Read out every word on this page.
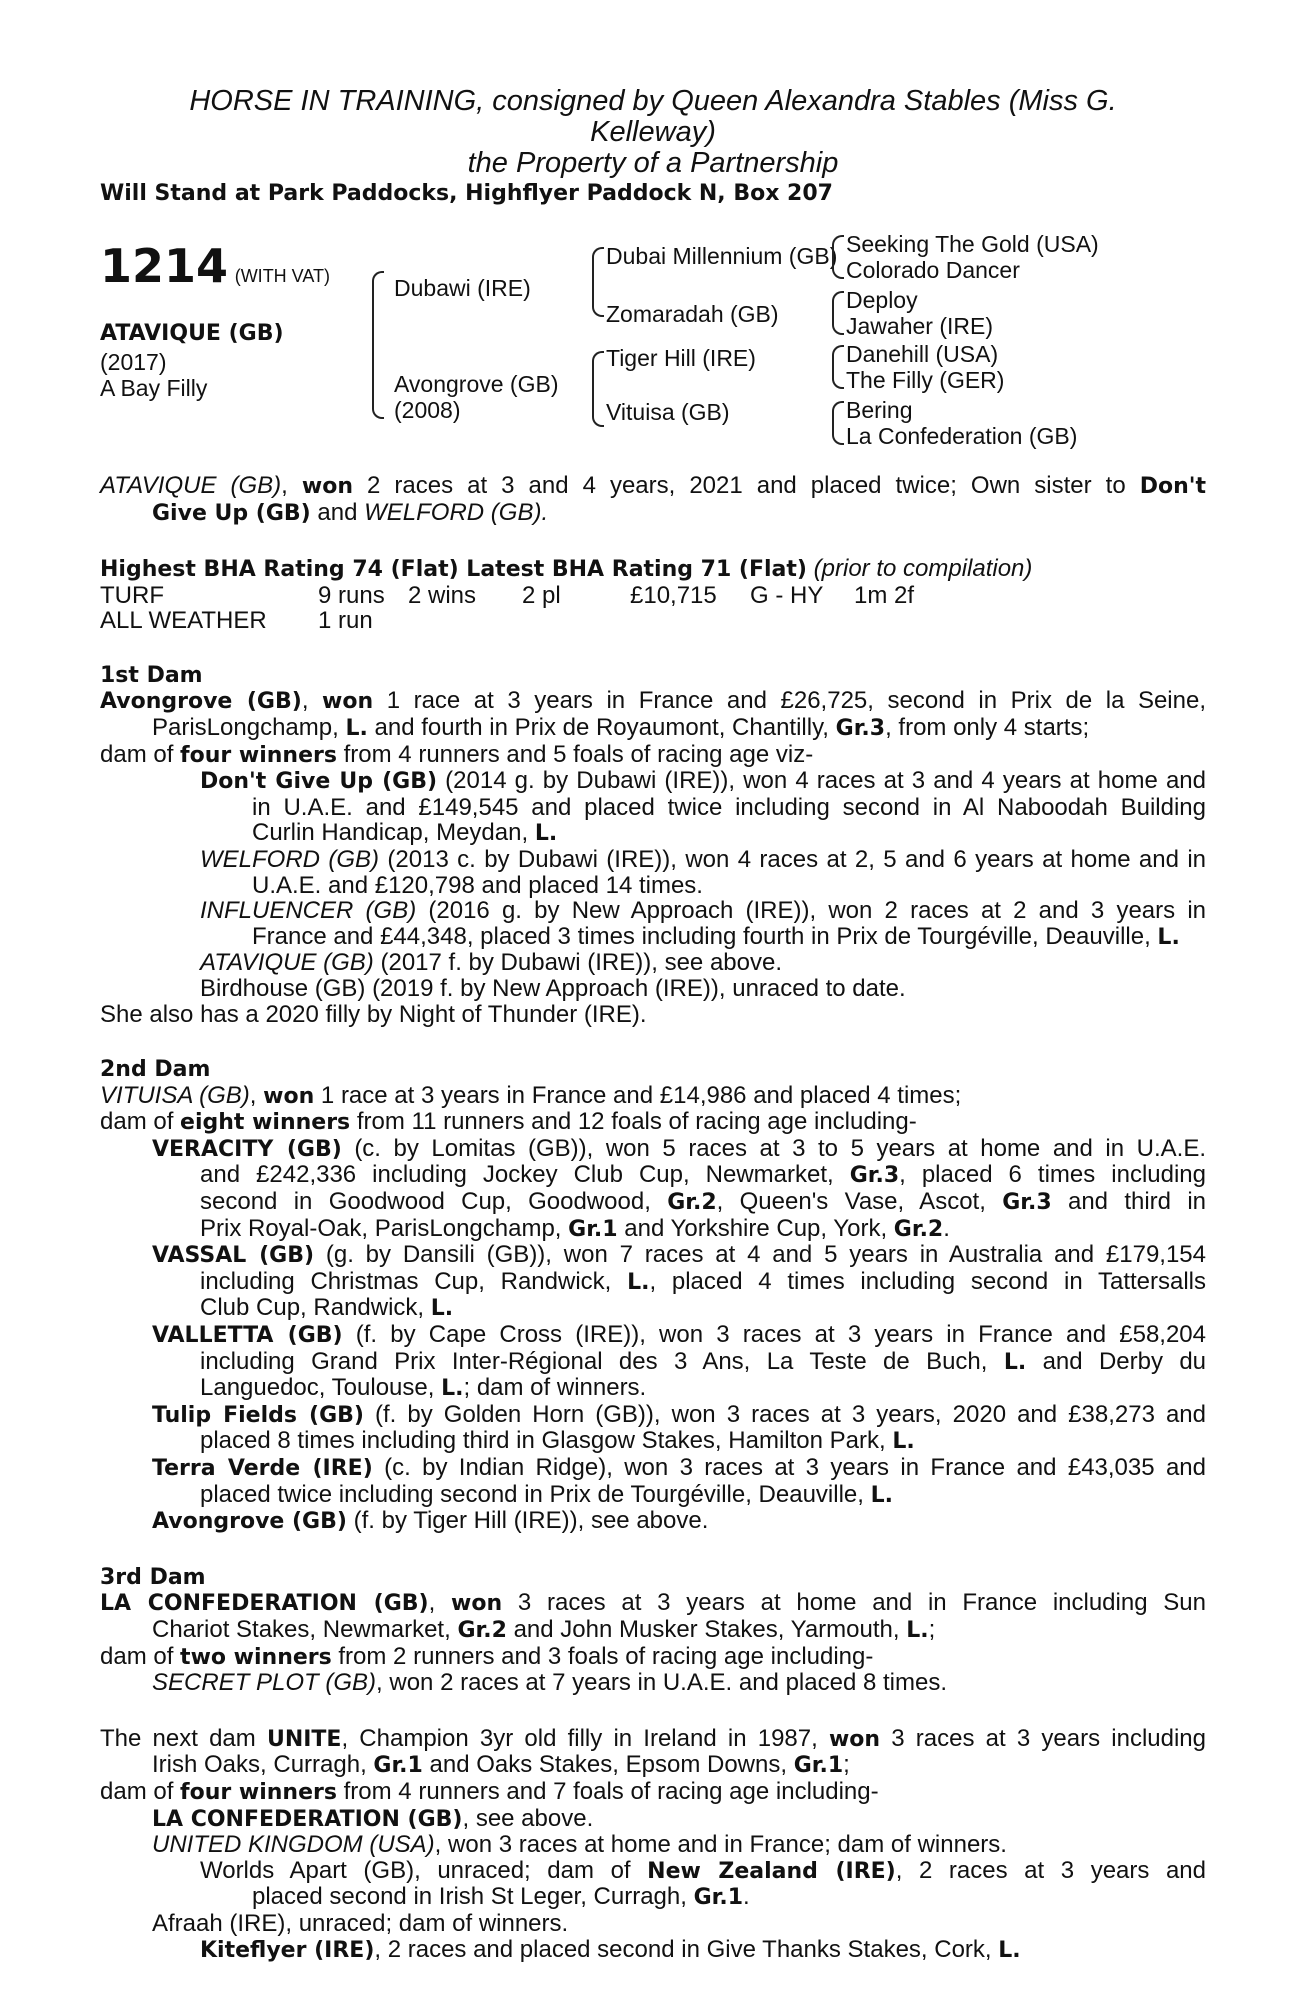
HORSE IN TRAINING, consigned by Queen Alexandra Stables (Miss G.
Kelleway)
the Property of a Partnership
Will Stand at Park Paddocks, Highflyer Paddock N, Box 207
1214 (WITH VAT)
ATAVIQUE (GB)
(2017)
A Bay Filly
Dubawi (IRE)
Avongrove (GB)
(2008)
Dubai Millennium (GB)
Zomaradah (GB)
Tiger Hill (IRE)
Vituisa (GB)
Seeking The Gold (USA)
Colorado Dancer
Deploy
Jawaher (IRE)
Danehill (USA)
The Filly (GER)
Bering
La Confederation (GB)
ATAVIQUE (GB), won 2 races at 3 and 4 years, 2021 and placed twice; Own sister to Don't
Give Up (GB) and WELFORD (GB).
Highest BHA Rating 74 (Flat) Latest BHA Rating 71 (Flat) (prior to compilation)
TURF	9 runs	2 wins	2 pl	£10,715	G - HY	1m 2f
ALL WEATHER	1 run					
1st Dam
Avongrove (GB), won 1 race at 3 years in France and £26,725, second in Prix de la Seine,
ParisLongchamp, L. and fourth in Prix de Royaumont, Chantilly, Gr.3, from only 4 starts;
dam of four winners from 4 runners and 5 foals of racing age viz-
Don't Give Up (GB) (2014 g. by Dubawi (IRE)), won 4 races at 3 and 4 years at home and
in U.A.E. and £149,545 and placed twice including second in Al Naboodah Building
Curlin Handicap, Meydan, L.
WELFORD (GB) (2013 c. by Dubawi (IRE)), won 4 races at 2, 5 and 6 years at home and in
U.A.E. and £120,798 and placed 14 times.
INFLUENCER (GB) (2016 g. by New Approach (IRE)), won 2 races at 2 and 3 years in
France and £44,348, placed 3 times including fourth in Prix de Tourgéville, Deauville, L.
ATAVIQUE (GB) (2017 f. by Dubawi (IRE)), see above.
Birdhouse (GB) (2019 f. by New Approach (IRE)), unraced to date.
She also has a 2020 filly by Night of Thunder (IRE).
2nd Dam
VITUISA (GB), won 1 race at 3 years in France and £14,986 and placed 4 times;
dam of eight winners from 11 runners and 12 foals of racing age including-
VERACITY (GB) (c. by Lomitas (GB)), won 5 races at 3 to 5 years at home and in U.A.E.
and £242,336 including Jockey Club Cup, Newmarket, Gr.3, placed 6 times including
second in Goodwood Cup, Goodwood, Gr.2, Queen's Vase, Ascot, Gr.3 and third in
Prix Royal-Oak, ParisLongchamp, Gr.1 and Yorkshire Cup, York, Gr.2.
VASSAL (GB) (g. by Dansili (GB)), won 7 races at 4 and 5 years in Australia and £179,154
including Christmas Cup, Randwick, L., placed 4 times including second in Tattersalls
Club Cup, Randwick, L.
VALLETTA (GB) (f. by Cape Cross (IRE)), won 3 races at 3 years in France and £58,204
including Grand Prix Inter-Régional des 3 Ans, La Teste de Buch, L. and Derby du
Languedoc, Toulouse, L.; dam of winners.
Tulip Fields (GB) (f. by Golden Horn (GB)), won 3 races at 3 years, 2020 and £38,273 and
placed 8 times including third in Glasgow Stakes, Hamilton Park, L.
Terra Verde (IRE) (c. by Indian Ridge), won 3 races at 3 years in France and £43,035 and
placed twice including second in Prix de Tourgéville, Deauville, L.
Avongrove (GB) (f. by Tiger Hill (IRE)), see above.
3rd Dam
LA CONFEDERATION (GB), won 3 races at 3 years at home and in France including Sun
Chariot Stakes, Newmarket, Gr.2 and John Musker Stakes, Yarmouth, L.;
dam of two winners from 2 runners and 3 foals of racing age including-
SECRET PLOT (GB), won 2 races at 7 years in U.A.E. and placed 8 times.
The next dam UNITE, Champion 3yr old filly in Ireland in 1987, won 3 races at 3 years including
Irish Oaks, Curragh, Gr.1 and Oaks Stakes, Epsom Downs, Gr.1;
dam of four winners from 4 runners and 7 foals of racing age including-
LA CONFEDERATION (GB), see above.
UNITED KINGDOM (USA), won 3 races at home and in France; dam of winners.
Worlds Apart (GB), unraced; dam of New Zealand (IRE), 2 races at 3 years and
placed second in Irish St Leger, Curragh, Gr.1.
Afraah (IRE), unraced; dam of winners.
Kiteflyer (IRE), 2 races and placed second in Give Thanks Stakes, Cork, L.
